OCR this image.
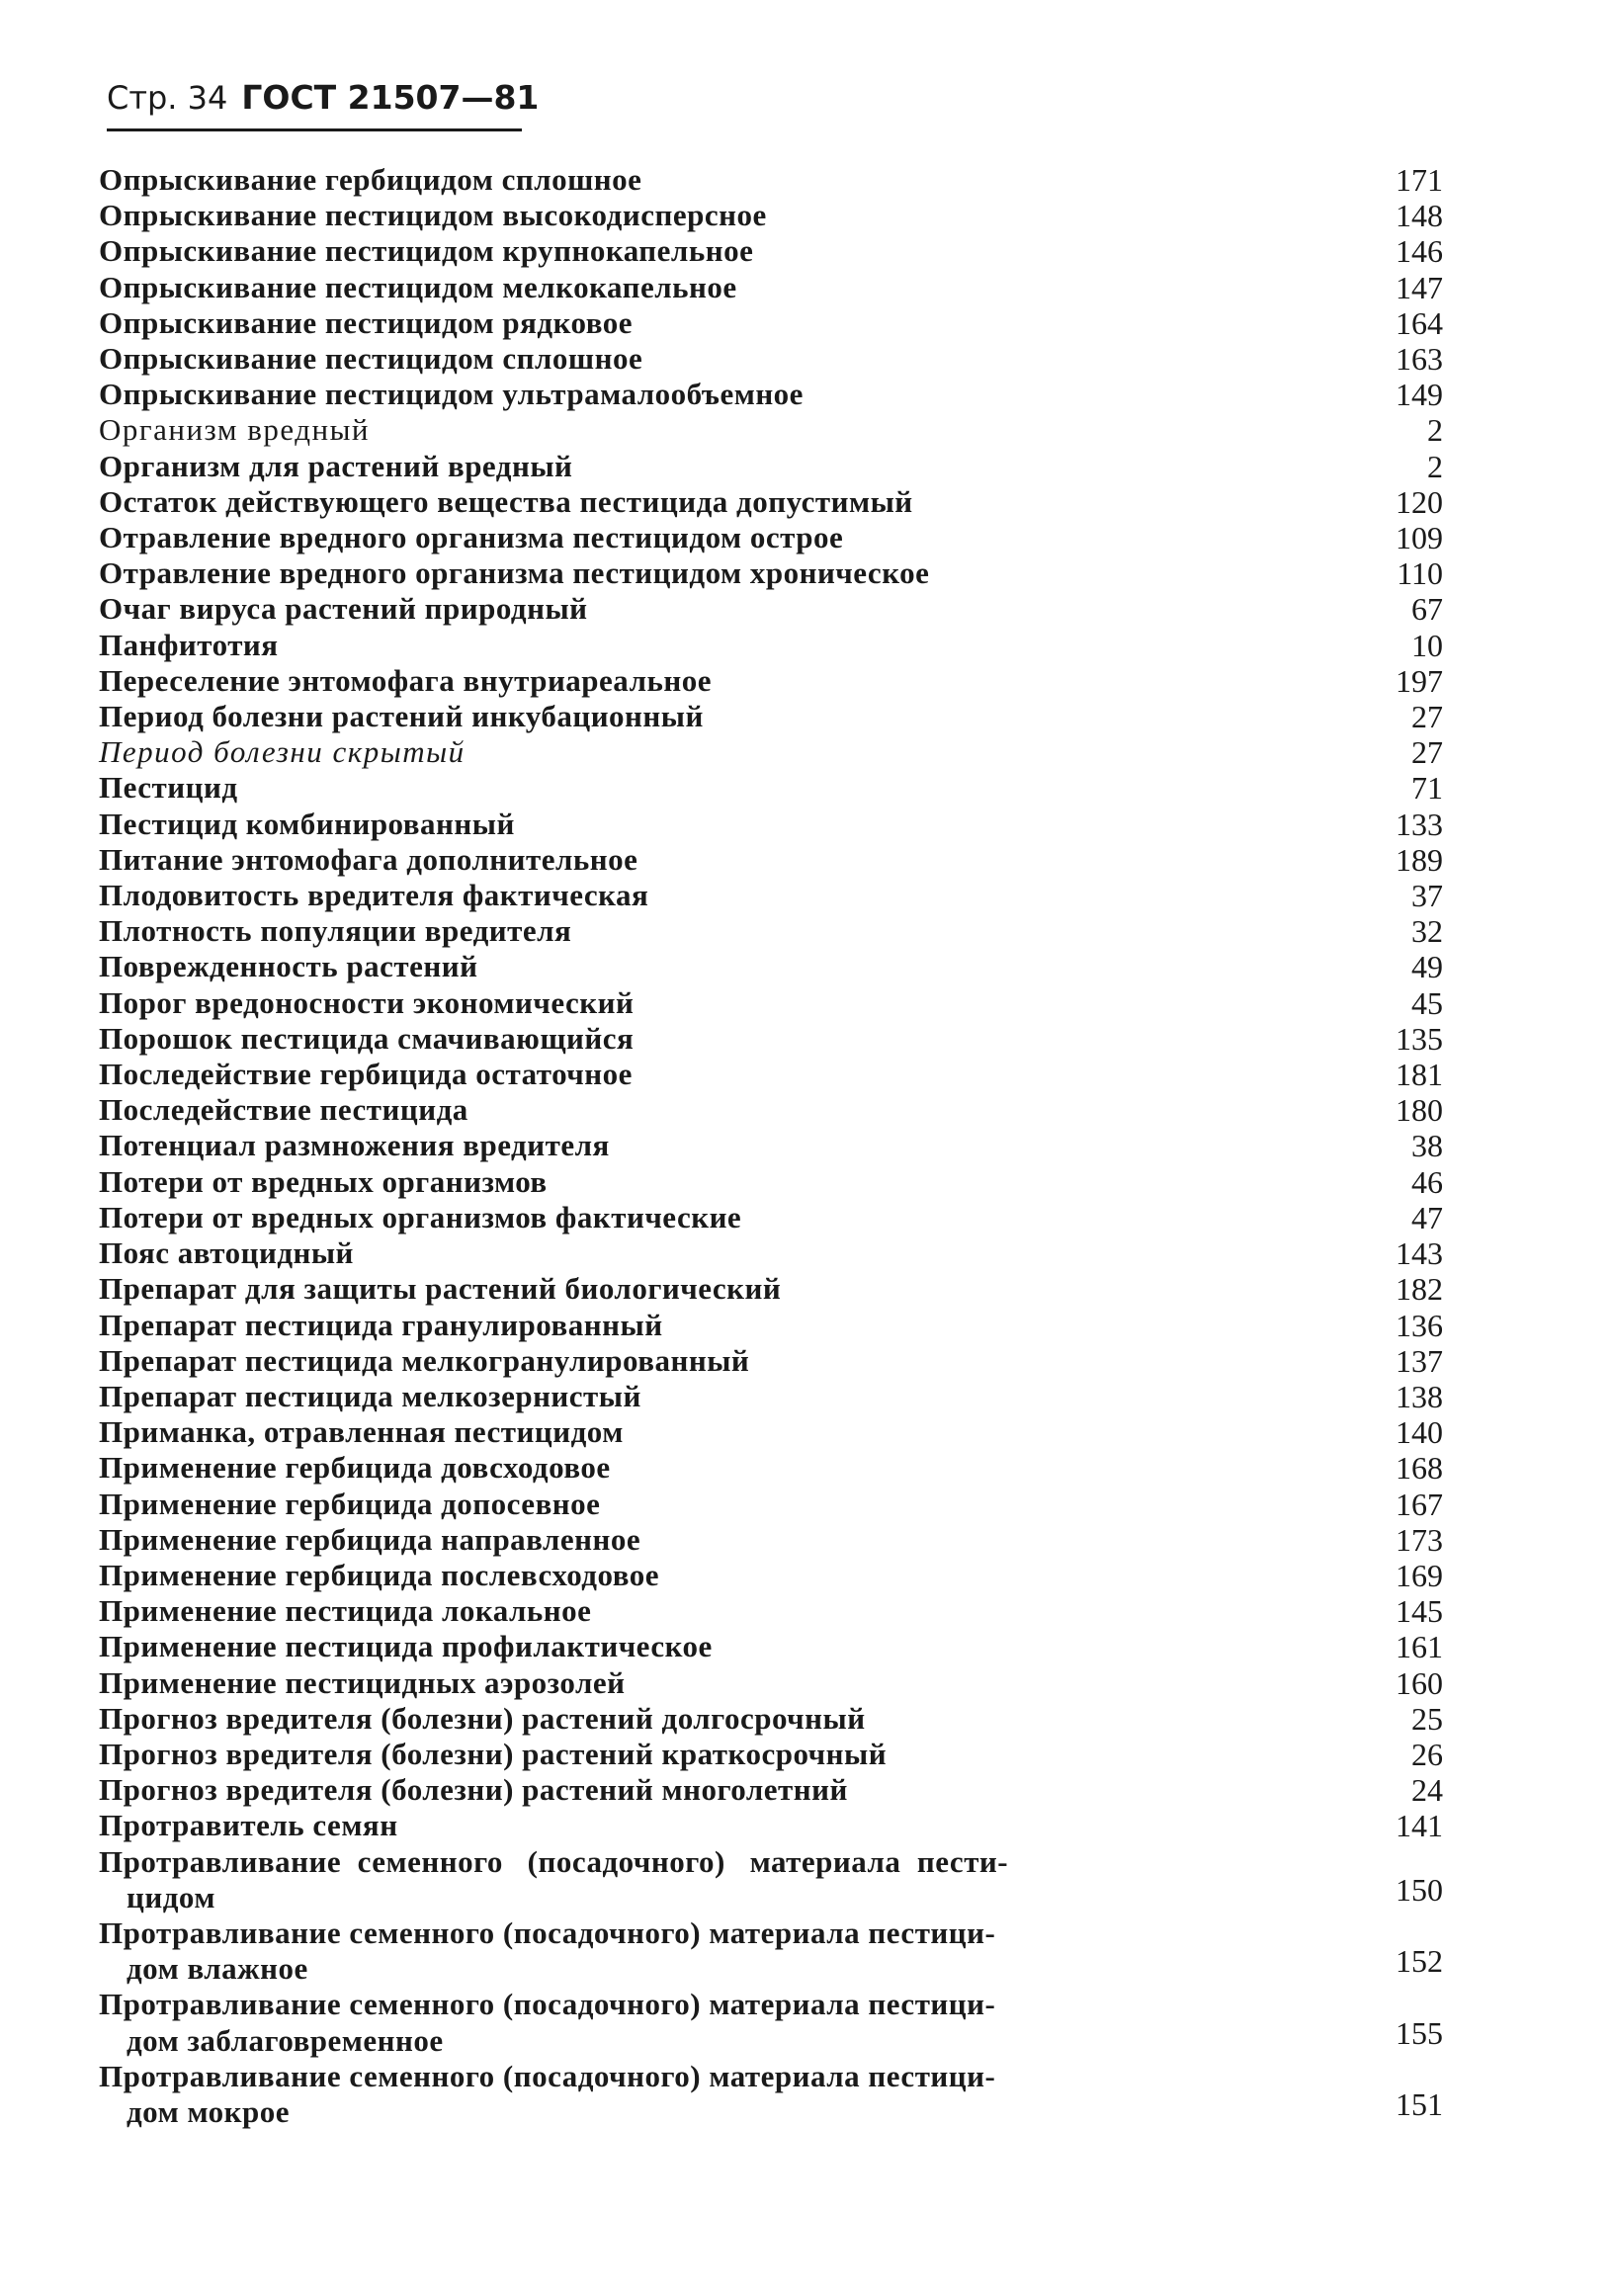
Стр. 34 ГОСТ 21507—81
Опрыскивание гербицидом сплошное	171
Опрыскивание пестицидом высокодисперсное	148
Опрыскивание пестицидом крупнокапельное	146
Опрыскивание пестицидом мелкокапельное	147
Опрыскивание пестицидом рядковое	164
Опрыскивание пестицидом сплошное	163
Опрыскивание пестицидом ультрамалообъемное	149
Организм вредный	2
Организм для растений вредный	2
Остаток действующего вещества пестицида допустимый	120
Отравление вредного организма пестицидом острое	109
Отравление вредного организма пестицидом хроническое	110
Очаг вируса растений природный	67
Панфитотия	10
Переселение энтомофага внутриареальное	197
Период болезни растений инкубационный	27
Период болезни скрытый	27
Пестицид	71
Пестицид комбинированный	133
Питание энтомофага дополнительное	189
Плодовитость вредителя фактическая	37
Плотность популяции вредителя	32
Поврежденность растений	49
Порог вредоносности экономический	45
Порошок пестицида смачивающийся	135
Последействие гербицида остаточное	181
Последействие пестицида	180
Потенциал размножения вредителя	38
Потери от вредных организмов	46
Потери от вредных организмов фактические	47
Пояс автоцидный	143
Препарат для защиты растений биологический	182
Препарат пестицида гранулированный	136
Препарат пестицида мелкогранулированный	137
Препарат пестицида мелкозернистый	138
Приманка, отравленная пестицидом	140
Применение гербицида довсходовое	168
Применение гербицида допосевное	167
Применение гербицида направленное	173
Применение гербицида послевсходовое	169
Применение пестицида локальное	145
Применение пестицида профилактическое	161
Применение пестицидных аэрозолей	160
Прогноз вредителя (болезни) растений долгосрочный	25
Прогноз вредителя (болезни) растений краткосрочный	26
Прогноз вредителя (болезни) растений многолетний	24
Протравитель семян	141
Протравливание  семенного   (посадочного)   материала  пести-
цидом	150
Протравливание семенного (посадочного) материала пестици-
дом влажное	152
Протравливание семенного (посадочного) материала пестици-
дом заблаговременное	155
Протравливание семенного (посадочного) материала пестици-
дом мокрое	151
